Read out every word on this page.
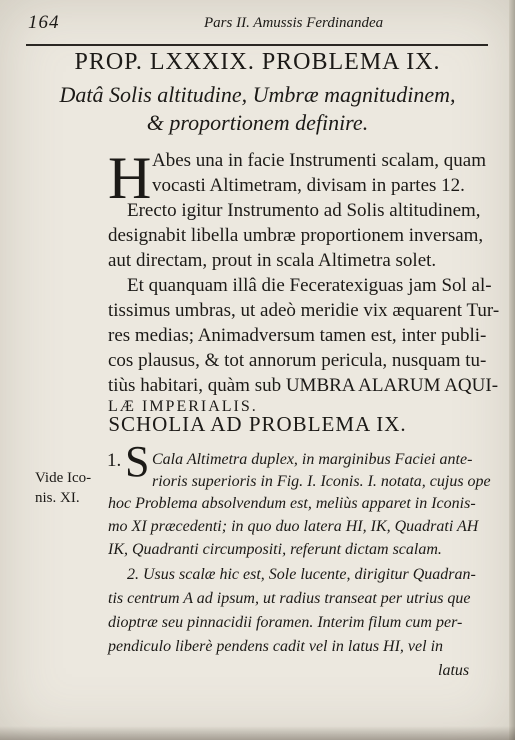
164	Pars II. Amussis Ferdinandea
PROP. LXXXIX. PROBLEMA IX.
Datâ Solis altitudine, Umbræ magnitudinem,
& proportionem definire.
H Abes una in facie Instrumenti scalam, quam
vocasti Altimetram, divisam in partes 12.
Erecto igitur Instrumento ad Solis altitudinem,
designabit libella umbræ proportionem inversam,
aut directam, prout in scala Altimetra solet.
Et quanquam illâ die Feceratexiguas jam Sol al-
tissimus umbras, ut adeò meridie vix æquarent Tur-
res medias; Animadversum tamen est, inter publi-
cos plausus, & tot annorum pericula, nusquam tu-
tiùs habitari, quàm sub UMBRA ALARUM AQUI-
LÆ IMPERIALIS.
SCHOLIA AD PROBLEMA IX.
Vide Ico-
nis. XI.
1. S Cala Altimetra duplex, in marginibus Faciei ante-
rioris superioris in Fig. I. Iconis. I. notata, cujus ope
hoc Problema absolvendum est, meliùs apparet in Iconis-
mo XI præcedenti; in quo duo latera HI, IK, Quadrati AH
IK, Quadranti circumpositi, referunt dictam scalam.
2. Usus scalæ hic est, Sole lucente, dirigitur Quadran-
tis centrum A ad ipsum, ut radius transeat per utrius que
dioptræ seu pinnacidii foramen. Interim filum cum per-
pendiculo liberè pendens cadit vel in latus HI, vel in
latus
